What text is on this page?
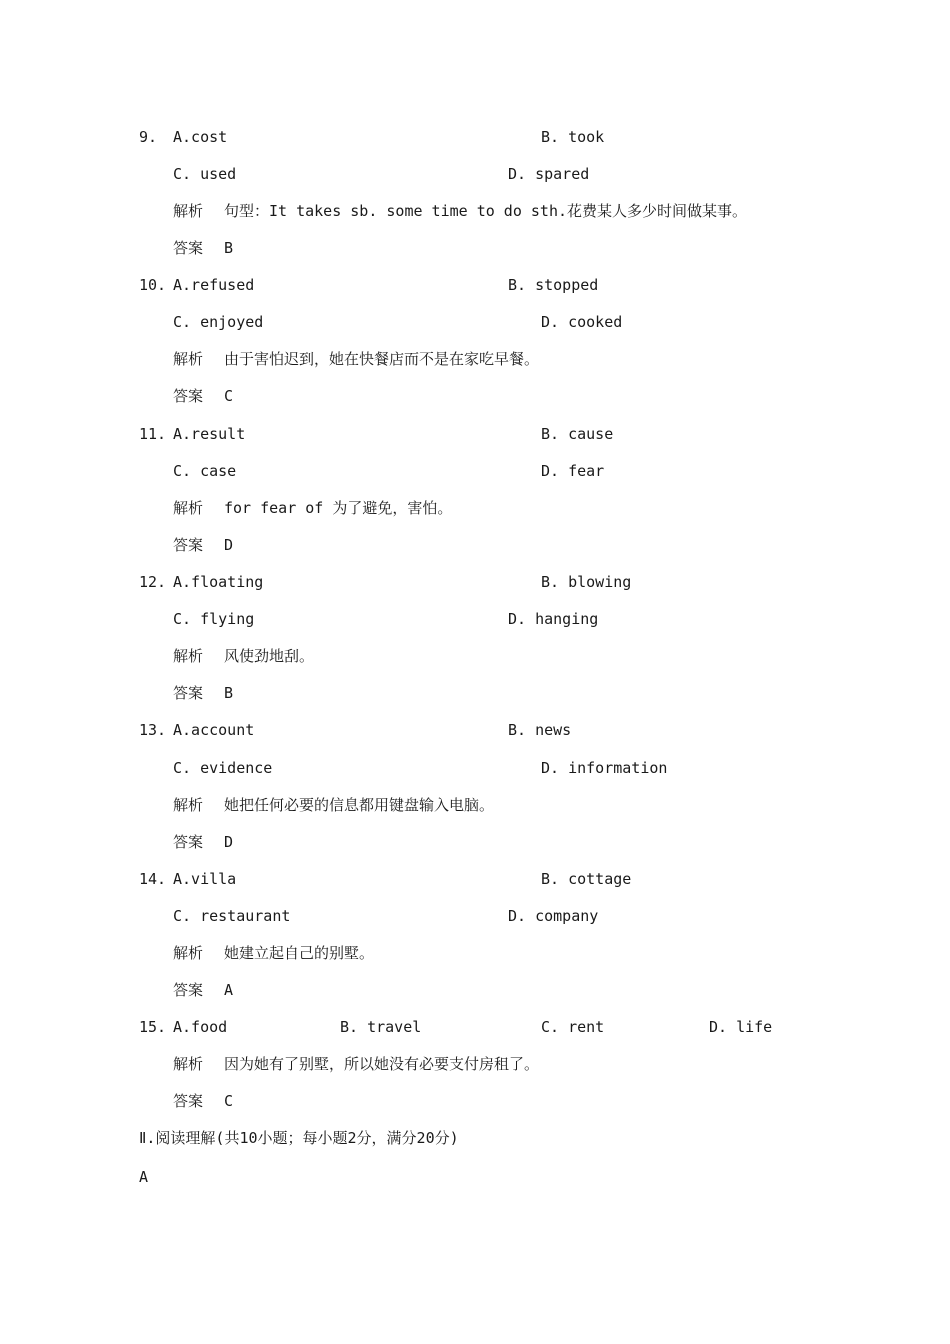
9. A.cost	B. took
C. used	D. spared
解析 句型：It takes sb. some time to do sth.花费某人多少时间做某事。
答案 B
10. A.refused	B. stopped
C. enjoyed	D. cooked
解析 由于害怕迟到，她在快餐店而不是在家吃早餐。
答案 C
11. A.result	B. cause
C. case	D. fear
解析 for fear of 为了避免，害怕。
答案 D
12. A.floating	B. blowing
C. flying	D. hanging
解析 风使劲地刮。
答案 B
13. A.account	B. news
C. evidence	D. information
解析 她把任何必要的信息都用键盘输入电脑。
答案 D
14. A.villa	B. cottage
C. restaurant	D. company
解析 她建立起自己的别墅。
答案 A
15. A.food	B. travel	C. rent	D. life
解析 因为她有了别墅，所以她没有必要支付房租了。
答案 C
Ⅱ.阅读理解(共10小题；每小题2分，满分20分)
A
